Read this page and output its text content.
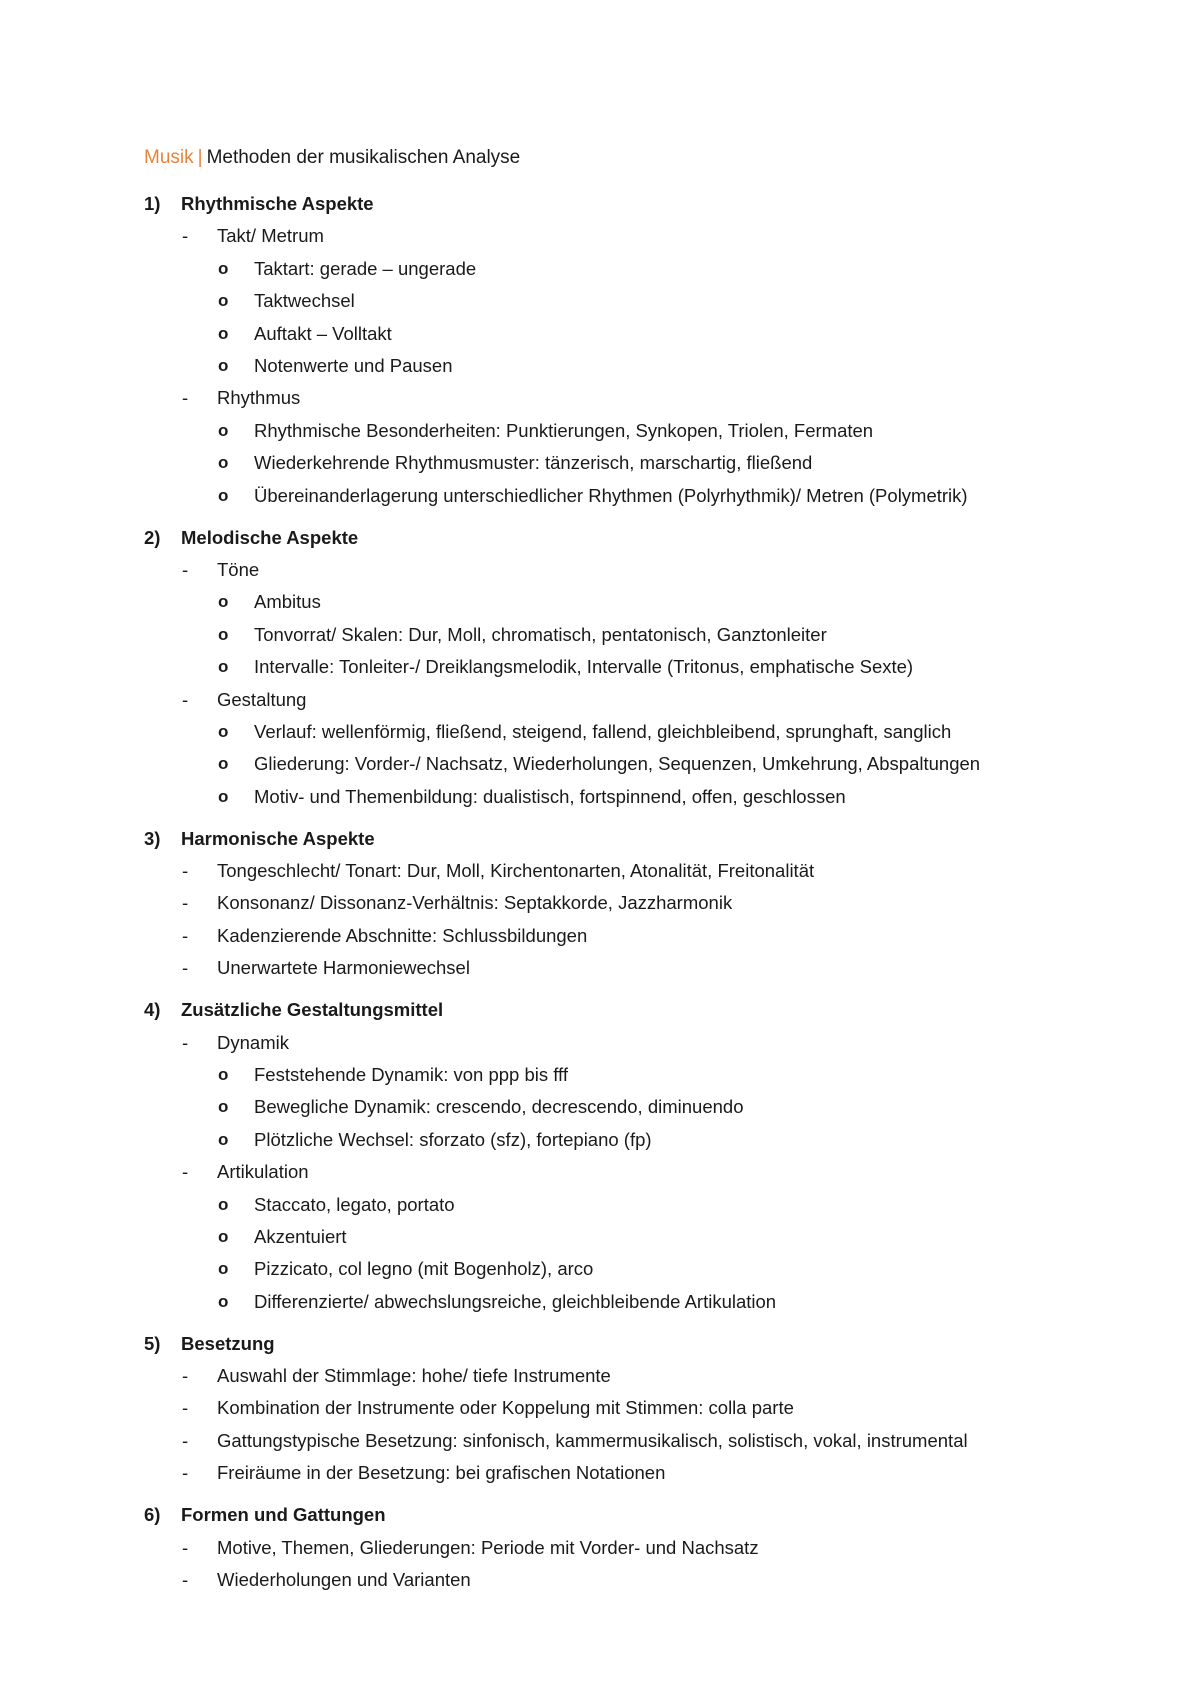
Musik | Methoden der musikalischen Analyse
1) Rhythmische Aspekte
- Takt/ Metrum
o Taktart: gerade – ungerade
o Taktwechsel
o Auftakt – Volltakt
o Notenwerte und Pausen
- Rhythmus
o Rhythmische Besonderheiten: Punktierungen, Synkopen, Triolen, Fermaten
o Wiederkehrende Rhythmusmuster: tänzerisch, marschartig, fließend
o Übereinanderlagerung unterschiedlicher Rhythmen (Polyrhythmik)/ Metren (Polymetrik)
2) Melodische Aspekte
- Töne
o Ambitus
o Tonvorrat/ Skalen: Dur, Moll, chromatisch, pentatonisch, Ganztonleiter
o Intervalle: Tonleiter-/ Dreiklangsmelodik, Intervalle (Tritonus, emphatische Sexte)
- Gestaltung
o Verlauf: wellenförmig, fließend, steigend, fallend, gleichbleibend, sprunghaft, sanglich
o Gliederung: Vorder-/ Nachsatz, Wiederholungen, Sequenzen, Umkehrung, Abspaltungen
o Motiv- und Themenbildung: dualistisch, fortspinnend, offen, geschlossen
3) Harmonische Aspekte
- Tongeschlecht/ Tonart: Dur, Moll, Kirchentonarten, Atonalität, Freitonalität
- Konsonanz/ Dissonanz-Verhältnis: Septakkorde, Jazzharmonik
- Kadenzierende Abschnitte: Schlussbildungen
- Unerwartete Harmoniewechsel
4) Zusätzliche Gestaltungsmittel
- Dynamik
o Feststehende Dynamik: von ppp bis fff
o Bewegliche Dynamik: crescendo, decrescendo, diminuendo
o Plötzliche Wechsel: sforzato (sfz), fortepiano (fp)
- Artikulation
o Staccato, legato, portato
o Akzentuiert
o Pizzicato, col legno (mit Bogenholz), arco
o Differenzierte/ abwechslungsreiche, gleichbleibende Artikulation
5) Besetzung
- Auswahl der Stimmlage: hohe/ tiefe Instrumente
- Kombination der Instrumente oder Koppelung mit Stimmen: colla parte
- Gattungstypische Besetzung: sinfonisch, kammermusikalisch, solistisch, vokal, instrumental
- Freiräume in der Besetzung: bei grafischen Notationen
6) Formen und Gattungen
- Motive, Themen, Gliederungen: Periode mit Vorder- und Nachsatz
- Wiederholungen und Varianten
